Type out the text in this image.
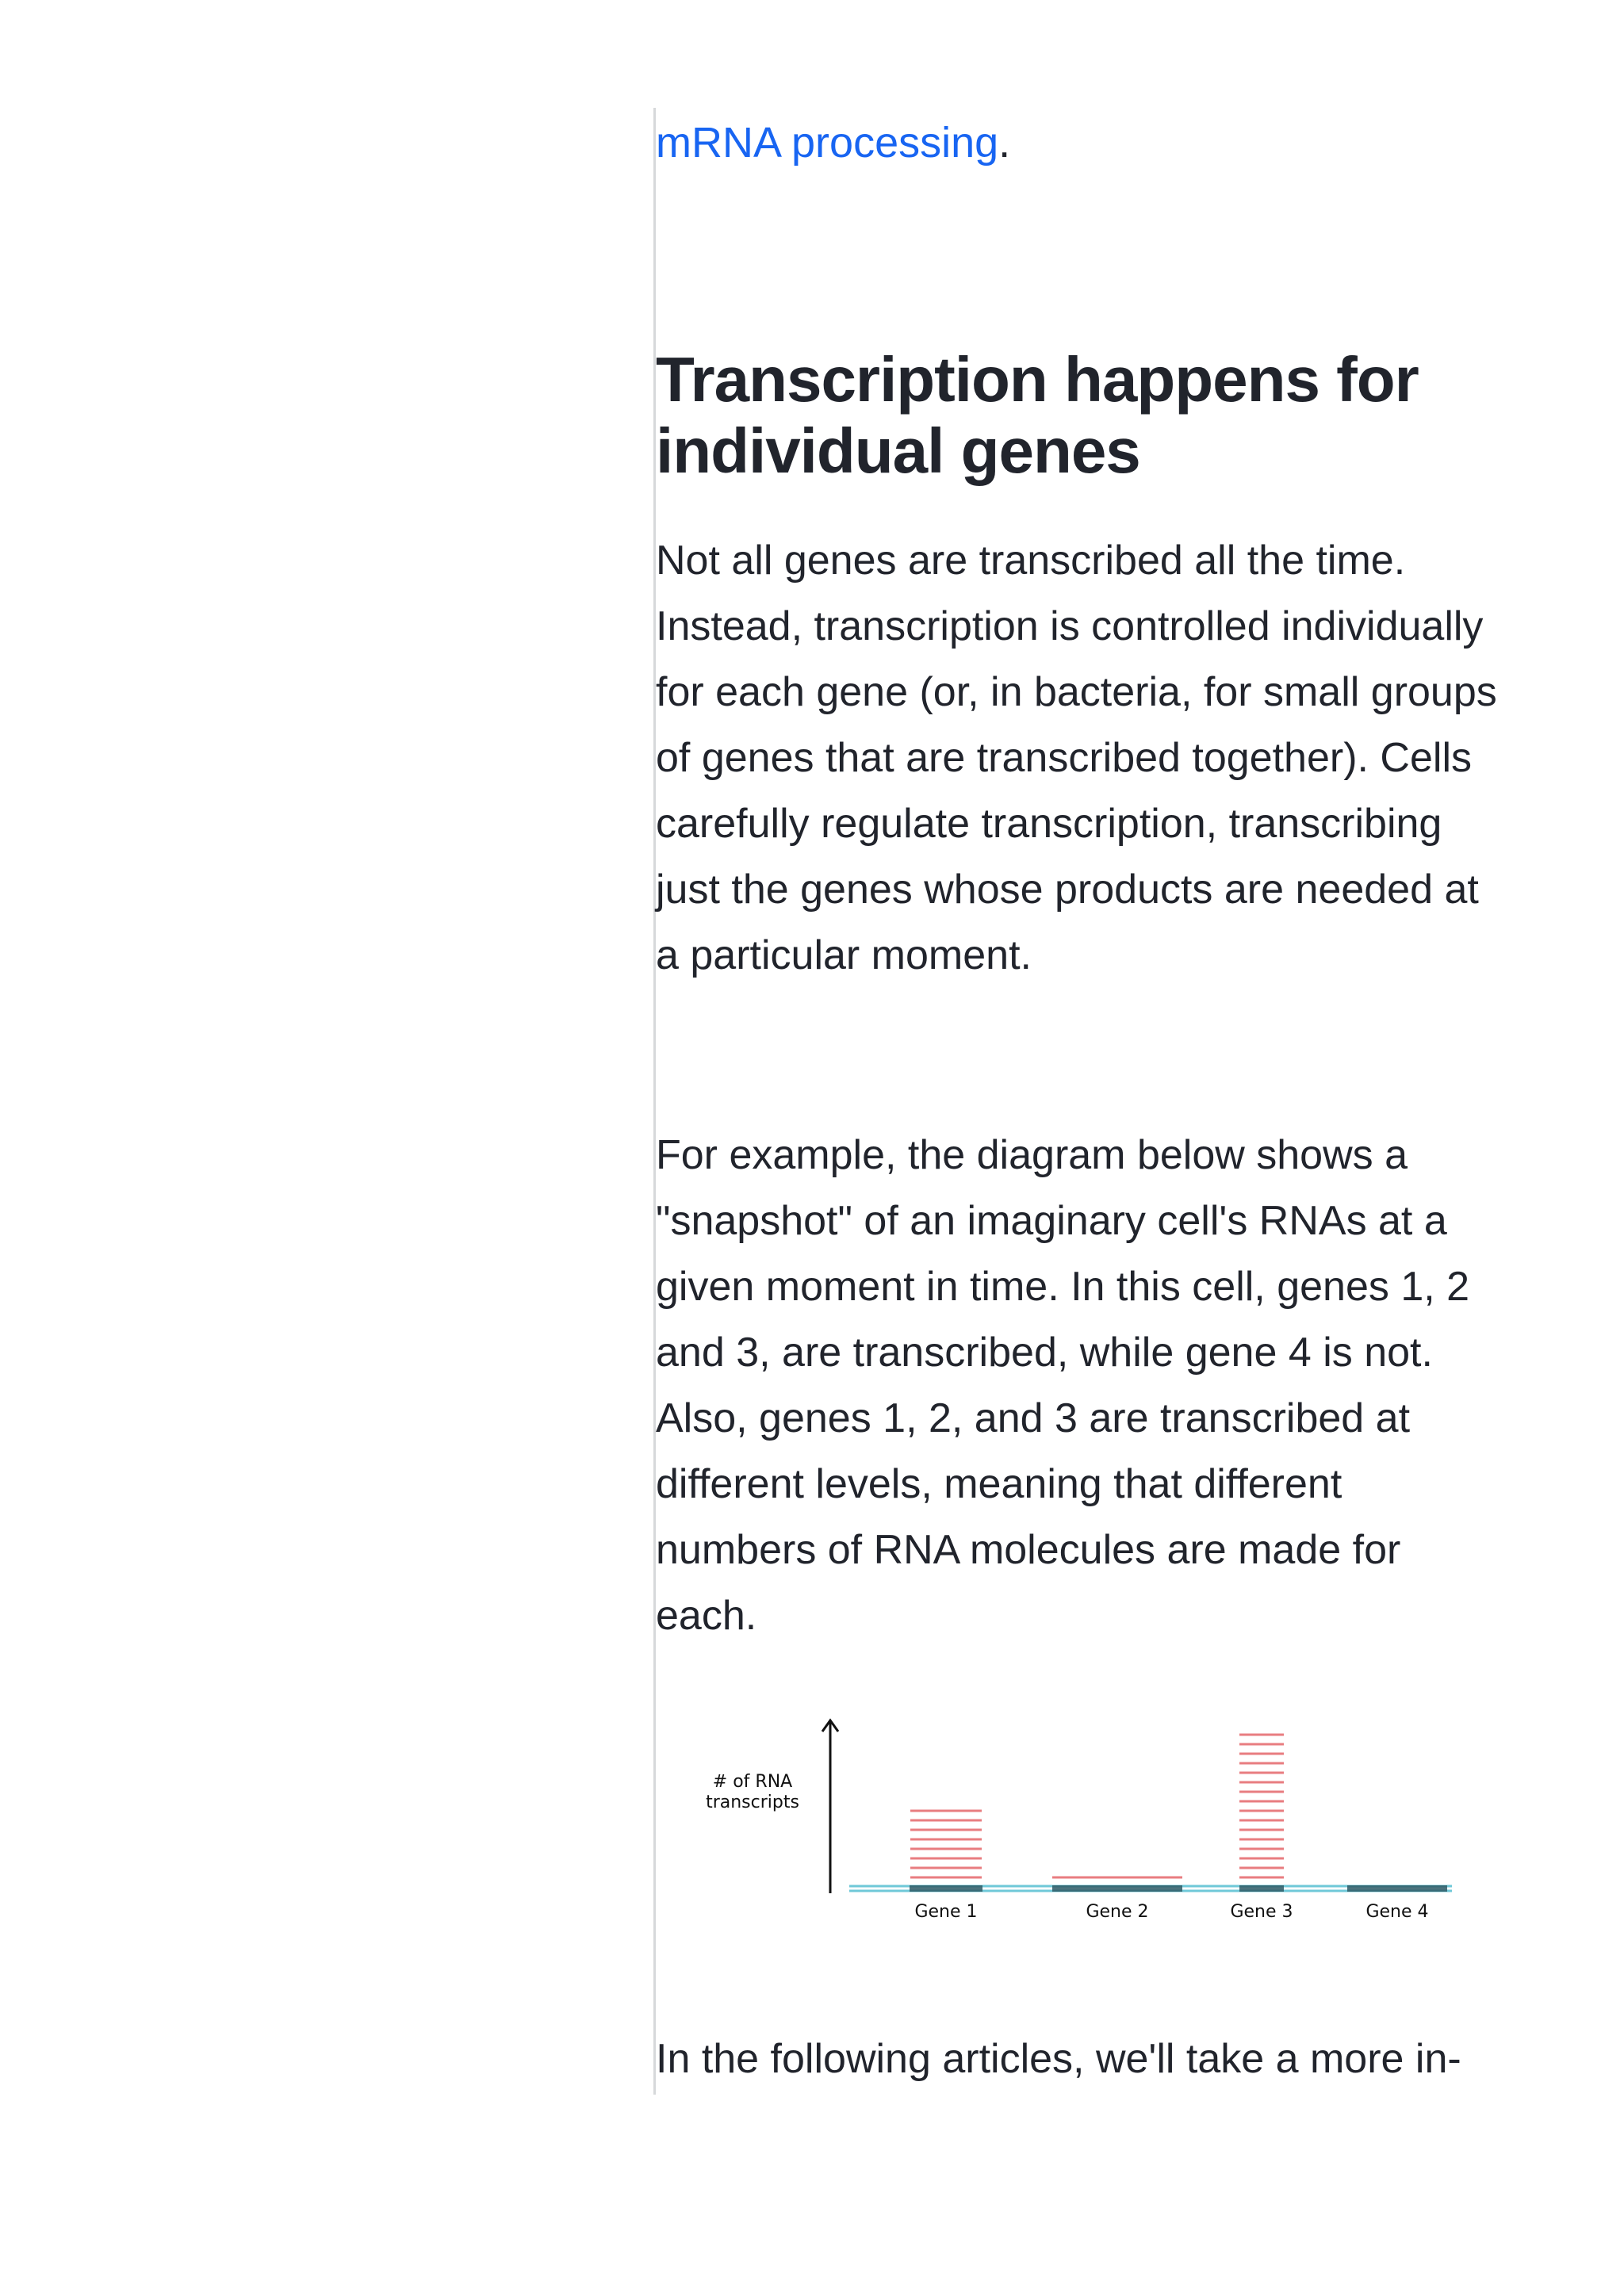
mRNA processing.
Transcription happens for individual genes

Not all genes are transcribed all the time. Instead, transcription is controlled individually for each gene (or, in bacteria, for small groups of genes that are transcribed together). Cells carefully regulate transcription, transcribing just the genes whose products are needed at a particular moment.

For example, the diagram below shows a "snapshot" of an imaginary cell's RNAs at a given moment in time. In this cell, genes 1, 2 and 3, are transcribed, while gene 4 is not. Also, genes 1, 2, and 3 are transcribed at different levels, meaning that different numbers of RNA molecules are made for each.

# of RNA
transcripts
Gene 1	Gene 2	Gene 3	Gene 4

In the following articles, we'll take a more in-
